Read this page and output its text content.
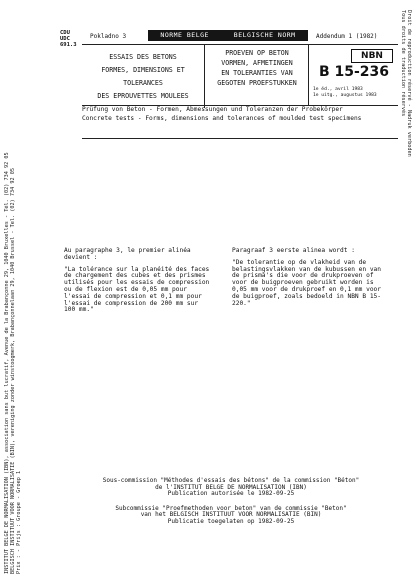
INSTITUT BELGE DE NORMALISATION (IBN), association sans but lucratif, Avenue de la Brabançonne 29, 1040 Bruxelles - Tél. (02) 734 92 05 BELGISCH INSTITUUT VOOR NORMALISATIE (BIN), vereniging zonder winstoogmerk, Brabançonnelaan 29, 1040 Brussel - Tel. (02) 734 92 05 Prix : - Prijs : Groupe - Groep 1
Droit de reproduction réservé - Nadruk verboden
Tous droits de traduction réservés
CDU
UDC
691.3
Pokladno 3	NORME BELGE	BELGISCHE NORM	Addendum 1 (1982)
ESSAIS DES BETONS
FORMES, DIMENSIONS ET TOLERANCES
DES EPROUVETTES MOULEES
PROEVEN OP BETON
VORMEN, AFMETINGEN
EN TOLERANTIES VAN
GEGOTEN PROEFSTUKKEN
NBN
B 15-236
1e éd., avril 1983
1e uitg., augustus 1983

Prüfung von Beton - Formen, Abmessungen und Toleranzen der Probekörper

Concrete tests - Forms, dimensions and tolerances of moulded test specimens

Au paragraphe 3, le premier alinéa devient :

"La tolérance sur la planéité des faces de chargement des cubes et des prismes utilisés pour les essais de compression ou de flexion est de 0,05 mm pour l'essai de compression et 0,1 mm pour l'essai de compression de 200 mm sur 100 mm."

Paragraaf 3 eerste alinea wordt :

"De tolerantie op de vlakheid van de belastingsvlakken van de kubussen en van de prisma's die voor de drukproeven of voor de buigproeven gebruikt worden is 0,05 mm voor de drukproef en 0,1 mm voor de buigproef, zoals bedoeld in NBN B 15-220."

Sous-commission "Méthodes d'essais des bétons" de la commission "Béton"

de l'INSTITUT BELGE DE NORMALISATION (IBN)

Publication autorisée le 1982-09-25

Subcommissie "Proefmethoden voor beton" van de commissie "Beton"

van het BELGISCH INSTITUUT VOOR NORMALISATIE (BIN)

Publicatie toegelaten op 1982-09-25
